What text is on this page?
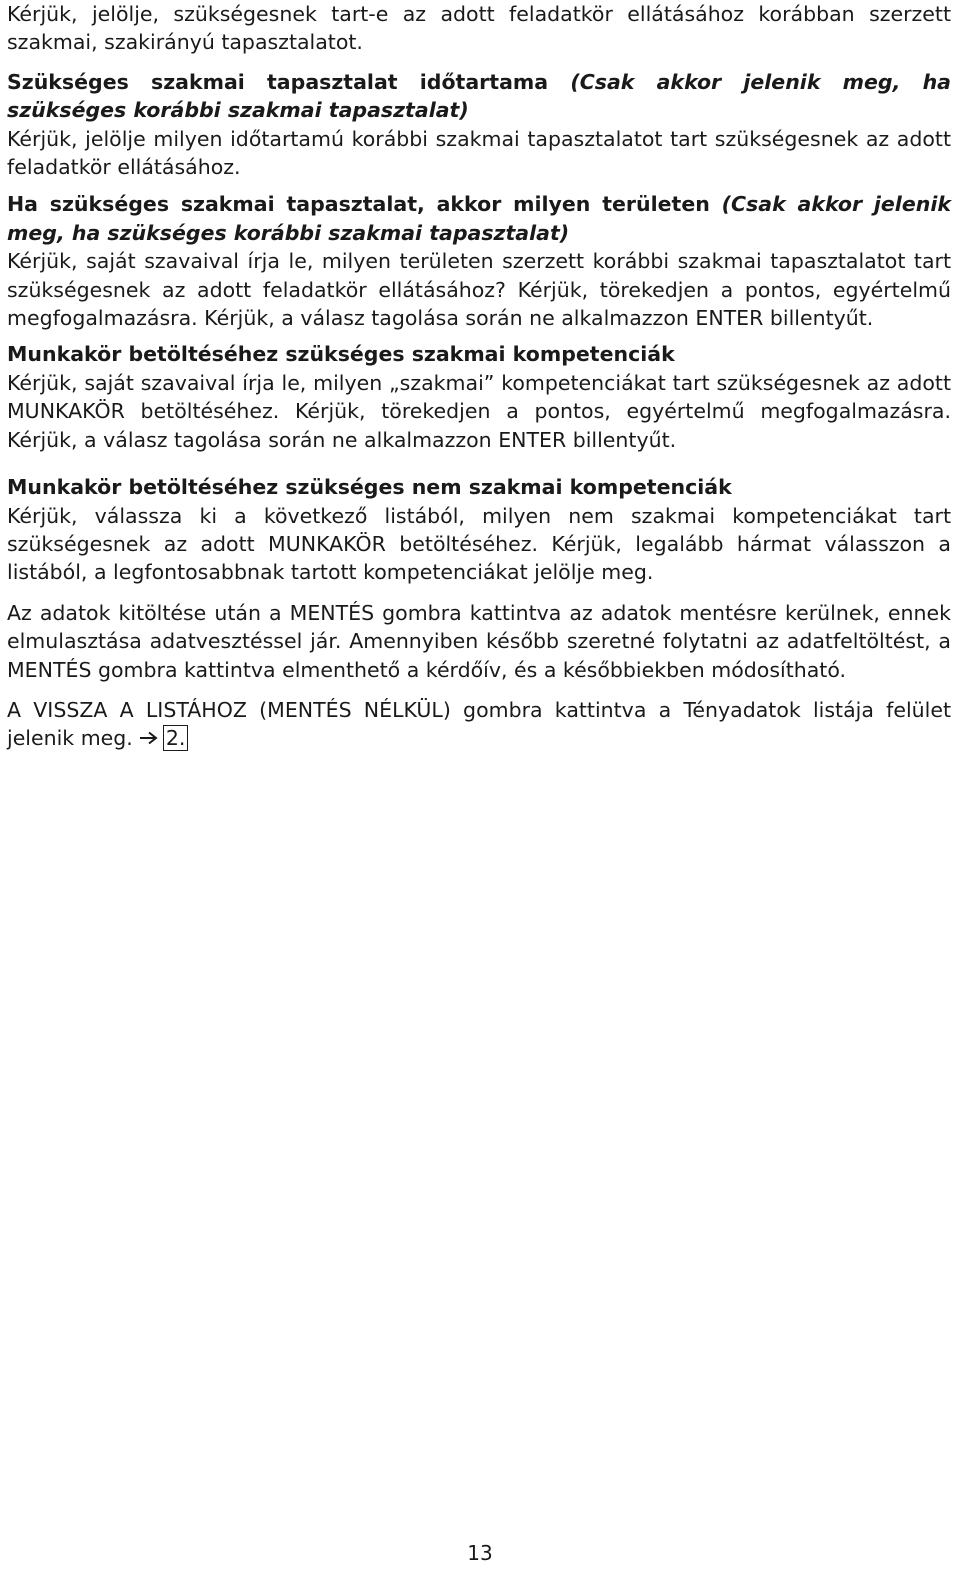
Kérjük, jelölje, szükségesnek tart-e az adott feladatkör ellátásához korábban szerzett szakmai, szakirányú tapasztalatot.

Szükséges szakmai tapasztalat időtartama (Csak akkor jelenik meg, ha szükséges korábbi szakmai tapasztalat)

Kérjük, jelölje milyen időtartamú korábbi szakmai tapasztalatot tart szükségesnek az adott feladatkör ellátásához.

Ha szükséges szakmai tapasztalat, akkor milyen területen (Csak akkor jelenik meg, ha szükséges korábbi szakmai tapasztalat)

Kérjük, saját szavaival írja le, milyen területen szerzett korábbi szakmai tapasztalatot tart szükségesnek az adott feladatkör ellátásához? Kérjük, törekedjen a pontos, egyértelmű megfogalmazásra. Kérjük, a válasz tagolása során ne alkalmazzon ENTER billentyűt.

Munkakör betöltéséhez szükséges szakmai kompetenciák

Kérjük, saját szavaival írja le, milyen „szakmai” kompetenciákat tart szükségesnek az adott MUNKAKÖR betöltéséhez. Kérjük, törekedjen a pontos, egyértelmű megfogalmazásra. Kérjük, a válasz tagolása során ne alkalmazzon ENTER billentyűt.

Munkakör betöltéséhez szükséges nem szakmai kompetenciák

Kérjük, válassza ki a következő listából, milyen nem szakmai kompetenciákat tart szükségesnek az adott MUNKAKÖR betöltéséhez. Kérjük, legalább hármat válasszon a listából, a legfontosabbnak tartott kompetenciákat jelölje meg.

Az adatok kitöltése után a MENTÉS gombra kattintva az adatok mentésre kerülnek, ennek elmulasztása adatvesztéssel jár. Amennyiben később szeretné folytatni az adatfeltöltést, a MENTÉS gombra kattintva elmenthető a kérdőív, és a későbbiekben módosítható.

A VISSZA A LISTÁHOZ (MENTÉS NÉLKÜL) gombra kattintva a Tényadatok listája felület jelenik meg. 2.

13
